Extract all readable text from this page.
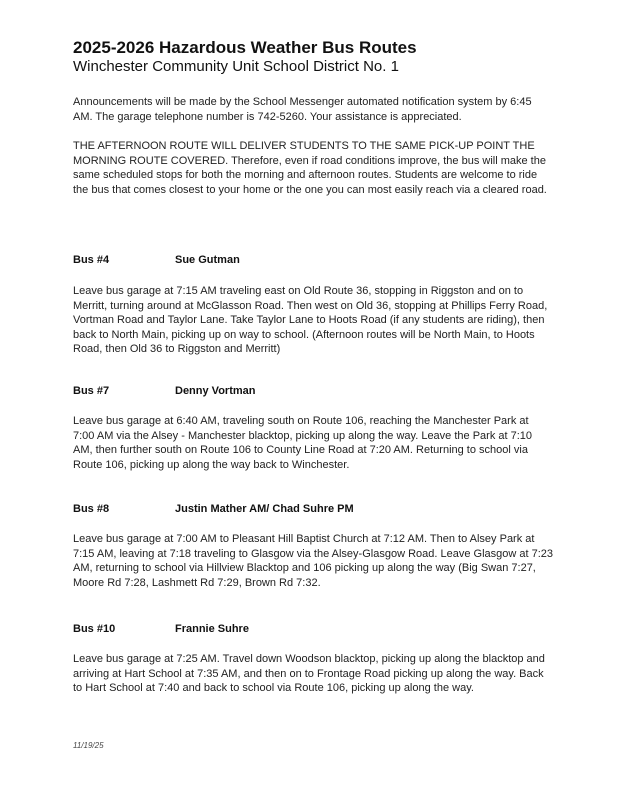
2025-2026 Hazardous Weather Bus Routes
Winchester Community Unit School District No. 1
Announcements will be made by the School Messenger automated notification system by 6:45 AM. The garage telephone number is 742-5260. Your assistance is appreciated.
THE AFTERNOON ROUTE WILL DELIVER STUDENTS TO THE SAME PICK-UP POINT THE MORNING ROUTE COVERED. Therefore, even if road conditions improve, the bus will make the same scheduled stops for both the morning and afternoon routes. Students are welcome to ride the bus that comes closest to your home or the one you can most easily reach via a cleared road.
Bus #4	Sue Gutman
Leave bus garage at 7:15 AM traveling east on Old Route 36, stopping in Riggston and on to Merritt, turning around at McGlasson Road. Then west on Old 36, stopping at Phillips Ferry Road, Vortman Road and Taylor Lane. Take Taylor Lane to Hoots Road (if any students are riding), then back to North Main, picking up on way to school. (Afternoon routes will be North Main, to Hoots Road, then Old 36 to Riggston and Merritt)
Bus #7	Denny Vortman
Leave bus garage at 6:40 AM, traveling south on Route 106, reaching the Manchester Park at 7:00 AM via the Alsey - Manchester blacktop, picking up along the way. Leave the Park at 7:10 AM, then further south on Route 106 to County Line Road at 7:20 AM. Returning to school via Route 106, picking up along the way back to Winchester.
Bus #8	Justin Mather AM/ Chad Suhre PM
Leave bus garage at 7:00 AM to Pleasant Hill Baptist Church at 7:12 AM. Then to Alsey Park at 7:15 AM, leaving at 7:18 traveling to Glasgow via the Alsey-Glasgow Road. Leave Glasgow at 7:23 AM, returning to school via Hillview Blacktop and 106 picking up along the way (Big Swan 7:27, Moore Rd 7:28, Lashmett Rd 7:29, Brown Rd 7:32.
Bus #10	Frannie Suhre
Leave bus garage at 7:25 AM. Travel down Woodson blacktop, picking up along the blacktop and arriving at Hart School at 7:35 AM, and then on to Frontage Road picking up along the way. Back to Hart School at 7:40 and back to school via Route 106, picking up along the way.
11/19/25
